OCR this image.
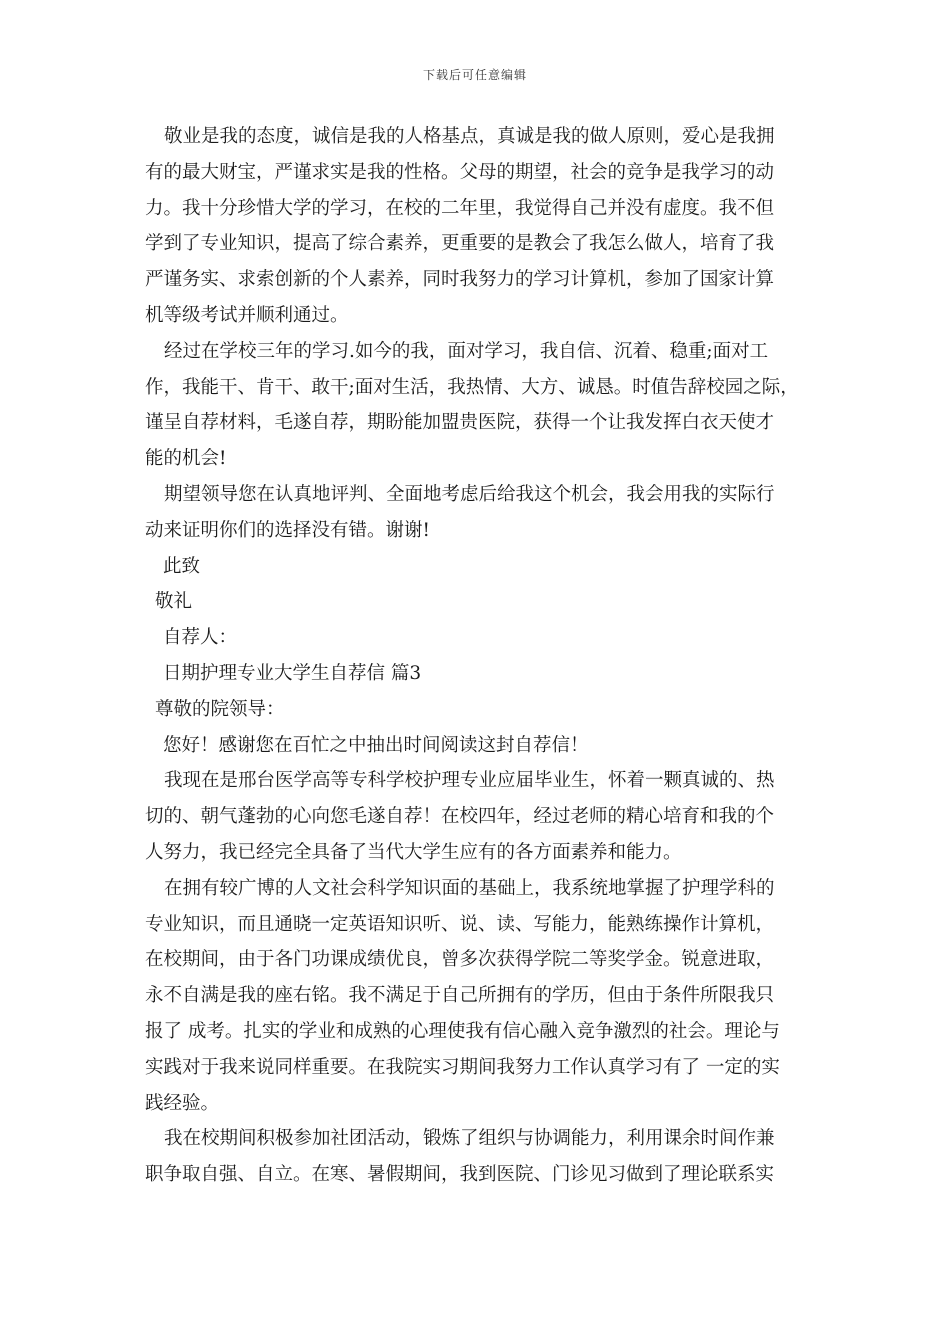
下载后可任意编辑
敬业是我的态度，诚信是我的人格基点，真诚是我的做人原则，爱心是我拥
有的最大财宝，严谨求实是我的性格。父母的期望，社会的竞争是我学习的动
力。我十分珍惜大学的学习，在校的二年里，我觉得自己并没有虚度。我不但
学到了专业知识，提高了综合素养，更重要的是教会了我怎么做人，培育了我
严谨务实、求索创新的个人素养，同时我努力的学习计算机，参加了国家计算
机等级考试并顺利通过。
经过在学校三年的学习.如今的我，面对学习，我自信、沉着、稳重;面对工
作，我能干、肯干、敢干;面对生活，我热情、大方、诚恳。时值告辞校园之际，
谨呈自荐材料，毛遂自荐，期盼能加盟贵医院，获得一个让我发挥白衣天使才
能的机会!
期望领导您在认真地评判、全面地考虑后给我这个机会，我会用我的实际行
动来证明你们的选择没有错。谢谢!
此致
敬礼
自荐人：
日期护理专业大学生自荐信 篇3
尊敬的院领导：
您好！感谢您在百忙之中抽出时间阅读这封自荐信！
我现在是邢台医学高等专科学校护理专业应届毕业生，怀着一颗真诚的、热
切的、朝气蓬勃的心向您毛遂自荐！在校四年，经过老师的精心培育和我的个
人努力，我已经完全具备了当代大学生应有的各方面素养和能力。
在拥有较广博的人文社会科学知识面的基础上，我系统地掌握了护理学科的
专业知识，而且通晓一定英语知识听、说、读、写能力，能熟练操作计算机，
在校期间，由于各门功课成绩优良，曾多次获得学院二等奖学金。锐意进取，
永不自满是我的座右铭。我不满足于自己所拥有的学历，但由于条件所限我只
报了 成考。扎实的学业和成熟的心理使我有信心融入竞争激烈的社会。理论与
实践对于我来说同样重要。在我院实习期间我努力工作认真学习有了 一定的实
践经验。
我在校期间积极参加社团活动，锻炼了组织与协调能力，利用课余时间作兼
职争取自强、自立。在寒、暑假期间，我到医院、门诊见习做到了理论联系实
